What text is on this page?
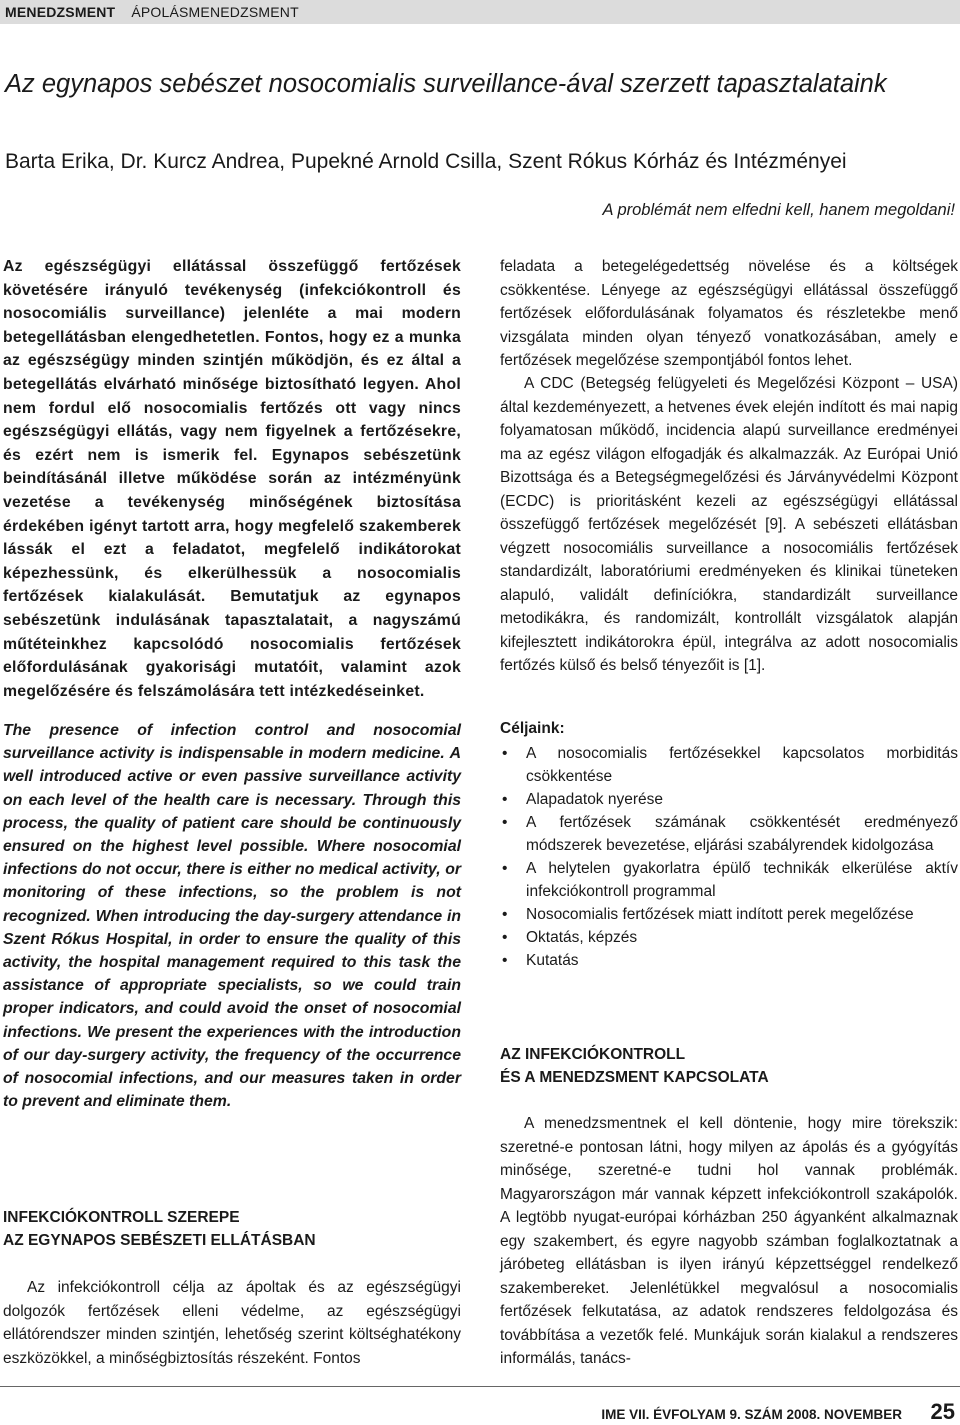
MENEDZSMENT ÁPOLÁSMENEDZSMENT
Az egynapos sebészet nosocomialis surveillance-ával szerzett tapasztalataink

Barta Erika, Dr. Kurcz Andrea, Pupekné Arnold Csilla, Szent Rókus Kórház és Intézményei

A problémát nem elfedni kell, hanem megoldani!

Az egészségügyi ellátással összefüggő fertőzések követésére irányuló tevékenység (infekciókontroll és nosocomiális surveillance) jelenléte a mai modern betegellátásban elengedhetetlen. Fontos, hogy ez a munka az egészségügy minden szintjén működjön, és ez által a betegellátás elvárható minősége biztosítható legyen. Ahol nem fordul elő nosocomialis fertőzés ott vagy nincs egészségügyi ellátás, vagy nem figyelnek a fertőzésekre, és ezért nem is ismerik fel. Egynapos sebészetünk beindításánál illetve működése során az intézményünk vezetése a tevékenység minőségének biztosítása érdekében igényt tartott arra, hogy megfelelő szakemberek lássák el ezt a feladatot, megfelelő indikátorokat képezhessünk, és elkerülhessük a nosocomialis fertőzések kialakulását. Bemutatjuk az egynapos sebészetünk indulásának tapasztalatait, a nagyszámú műtéteinkhez kapcsolódó nosocomialis fertőzések előfordulásának gyakorisági mutatóit, valamint azok megelőzésére és felszámolására tett intézkedéseinket.

The presence of infection control and nosocomial surveillance activity is indispensable in modern medicine. A well introduced active or even passive surveillance activity on each level of the health care is necessary. Through this process, the quality of patient care should be continuously ensured on the highest level possible. Where nosocomial infections do not occur, there is either no medical activity, or monitoring of these infections, so the problem is not recognized. When introducing the day-surgery attendance in Szent Rókus Hospital, in order to ensure the quality of this activity, the hospital management required to this task the assistance of appropriate specialists, so we could train proper indicators, and could avoid the onset of nosocomial infections. We present the experiences with the introduction of our day-surgery activity, the frequency of the occurrence of nosocomial infections, and our measures taken in order to prevent and eliminate them.

INFEKCIÓKONTROLL SZEREPE
AZ EGYNAPOS SEBÉSZETI ELLÁTÁSBAN

Az infekciókontroll célja az ápoltak és az egészségügyi dolgozók fertőzések elleni védelme, az egészségügyi ellátórendszer minden szintjén, lehetőség szerint költséghatékony eszközökkel, a minőségbiztosítás részeként. Fontos

feladata a betegelégedettség növelése és a költségek csökkentése. Lényege az egészségügyi ellátással összefüggő fertőzések előfordulásának folyamatos és részletekbe menő vizsgálata minden olyan tényező vonatkozásában, amely e fertőzések megelőzése szempontjából fontos lehet.

A CDC (Betegség felügyeleti és Megelőzési Központ – USA) által kezdeményezett, a hetvenes évek elején indított és mai napig folyamatosan működő, incidencia alapú surveillance eredményei ma az egész világon elfogadják és alkalmazzák. Az Európai Unió Bizottsága és a Betegségmegelőzési és Járványvédelmi Központ (ECDC) is prioritásként kezeli az egészségügyi ellátással összefüggő fertőzések megelőzését [9]. A sebészeti ellátásban végzett nosocomiális surveillance a nosocomiális fertőzések standardizált, laboratóriumi eredményeken és klinikai tüneteken alapuló, validált definíciókra, standardizált surveillance metodikákra, és randomizált, kontrollált vizsgálatok alapján kifejlesztett indikátorokra épül, integrálva az adott nosocomialis fertőzés külső és belső tényezőit is [1].

Céljaink:

• A nosocomialis fertőzésekkel kapcsolatos morbiditás csökkentése
• Alapadatok nyerése
• A fertőzések számának csökkentését eredményező módszerek bevezetése, eljárási szabályrendek kidolgozása
• A helytelen gyakorlatra épülő technikák elkerülése aktív infekciókontroll programmal
• Nosocomialis fertőzések miatt indított perek megelőzése
• Oktatás, képzés
• Kutatás
AZ INFEKCIÓKONTROLL
ÉS A MENEDZSMENT KAPCSOLATA

A menedzsmentnek el kell döntenie, hogy mire törekszik: szeretné-e pontosan látni, hogy milyen az ápolás és a gyógyítás minősége, szeretné-e tudni hol vannak problémák. Magyarországon már vannak képzett infekciókontroll szakápolók. A legtöbb nyugat-európai kórházban 250 ágyanként alkalmaznak egy szakembert, és egyre nagyobb számban foglalkoztatnak a járóbeteg ellátásban is ilyen irányú képzettséggel rendelkező szakembereket. Jelenlétükkel megvalósul a nosocomialis fertőzések felkutatása, az adatok rendszeres feldolgozása és továbbítása a vezetők felé. Munkájuk során kialakul a rendszeres informálás, tanács-

IME VII. ÉVFOLYAM 9. SZÁM 2008. NOVEMBER 25
